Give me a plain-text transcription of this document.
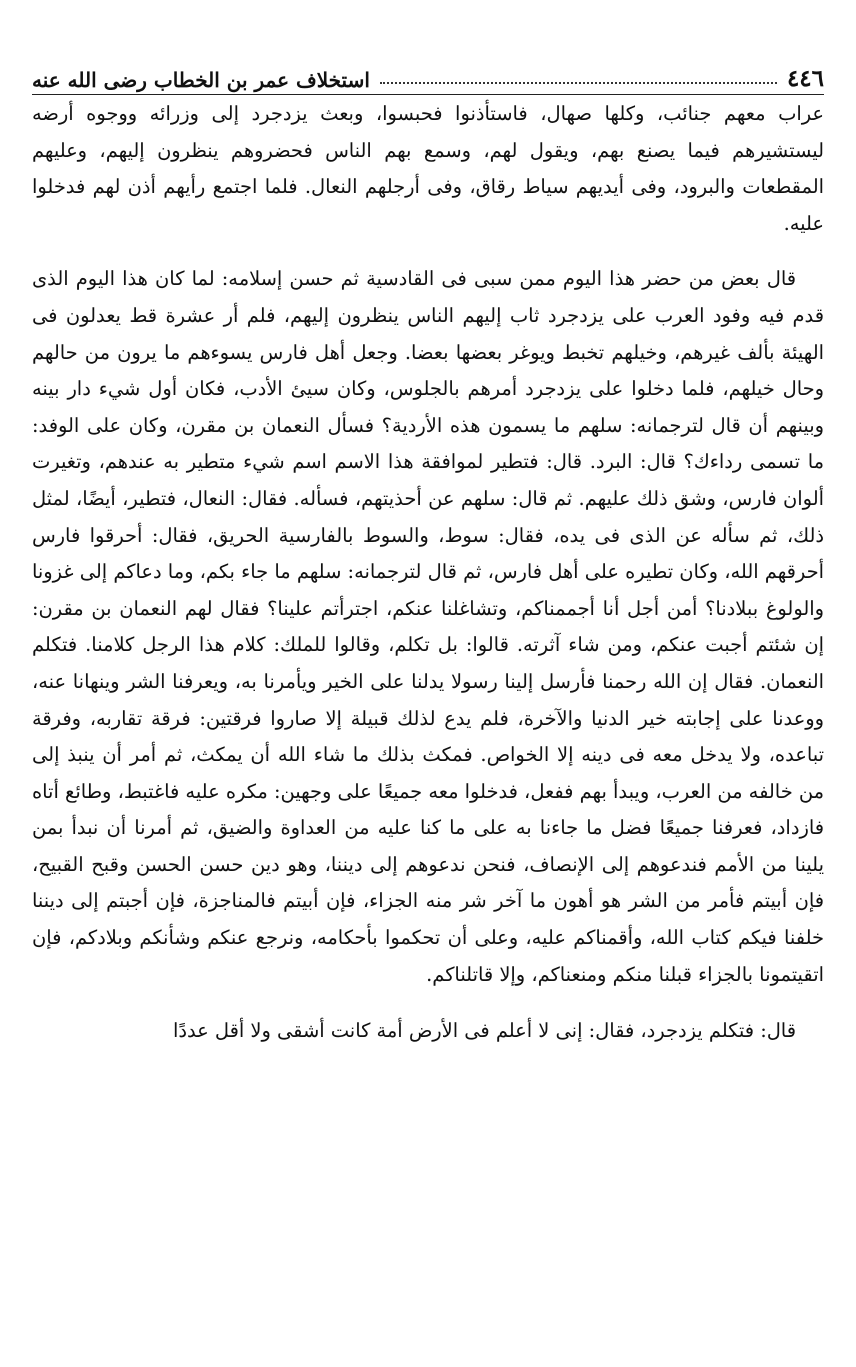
٤٤٦
استخلاف عمر بن الخطاب رضى الله عنه

عراب معهم جنائب، وكلها صهال، فاستأذنوا فحبسوا، وبعث يزدجرد إلى وزرائه ووجوه أرضه ليستشيرهم فيما يصنع بهم، ويقول لهم، وسمع بهم الناس فحضروهم ينظرون إليهم، وعليهم المقطعات والبرود، وفى أيديهم سياط رقاق، وفى أرجلهم النعال. فلما اجتمع رأيهم أذن لهم فدخلوا عليه.

قال بعض من حضر هذا اليوم ممن سبى فى القادسية ثم حسن إسلامه: لما كان هذا اليوم الذى قدم فيه وفود العرب على يزدجرد ثاب إليهم الناس ينظرون إليهم، فلم أر عشرة قط يعدلون فى الهيئة بألف غيرهم، وخيلهم تخبط ويوغر بعضها بعضا. وجعل أهل فارس يسوءهم ما يرون من حالهم وحال خيلهم، فلما دخلوا على يزدجرد أمرهم بالجلوس، وكان سيئ الأدب، فكان أول شيء دار بينه وبينهم أن قال لترجمانه: سلهم ما يسمون هذه الأردية؟ فسأل النعمان بن مقرن، وكان على الوفد: ما تسمى رداءك؟ قال: البرد. قال: فتطير لموافقة هذا الاسم اسم شيء متطير به عندهم، وتغيرت ألوان فارس، وشق ذلك عليهم. ثم قال: سلهم عن أحذيتهم، فسأله. فقال: النعال، فتطير، أيضًا، لمثل ذلك، ثم سأله عن الذى فى يده، فقال: سوط، والسوط بالفارسية الحريق، فقال: أحرقوا فارس أحرقهم الله، وكان تطيره على أهل فارس، ثم قال لترجمانه: سلهم ما جاء بكم، وما دعاكم إلى غزونا والولوغ ببلادنا؟ أمن أجل أنا أجممناكم، وتشاغلنا عنكم، اجترأتم علينا؟ فقال لهم النعمان بن مقرن: إن شئتم أجبت عنكم، ومن شاء آثرته. قالوا: بل تكلم، وقالوا للملك: كلام هذا الرجل كلامنا. فتكلم النعمان. فقال إن الله رحمنا فأرسل إلينا رسولا يدلنا على الخير ويأمرنا به، ويعرفنا الشر وينهانا عنه، ووعدنا على إجابته خير الدنيا والآخرة، فلم يدع لذلك قبيلة إلا صاروا فرقتين: فرقة تقاربه، وفرقة تباعده، ولا يدخل معه فى دينه إلا الخواص. فمكث بذلك ما شاء الله أن يمكث، ثم أمر أن ينبذ إلى من خالفه من العرب، ويبدأ بهم ففعل، فدخلوا معه جميعًا على وجهين: مكره عليه فاغتبط، وطائع أتاه فازداد، فعرفنا جميعًا فضل ما جاءنا به على ما كنا عليه من العداوة والضيق، ثم أمرنا أن نبدأ بمن يلينا من الأمم فندعوهم إلى الإنصاف، فنحن ندعوهم إلى ديننا، وهو دين حسن الحسن وقبح القبيح، فإن أبيتم فأمر من الشر هو أهون ما آخر شر منه الجزاء، فإن أبيتم فالمناجزة، فإن أجبتم إلى ديننا خلفنا فيكم كتاب الله، وأقمناكم عليه، وعلى أن تحكموا بأحكامه، ونرجع عنكم وشأنكم وبلادكم، فإن اتقيتمونا بالجزاء قبلنا منكم ومنعناكم، وإلا قاتلناكم.

قال: فتكلم يزدجرد، فقال: إنى لا أعلم فى الأرض أمة كانت أشقى ولا أقل عددًا
